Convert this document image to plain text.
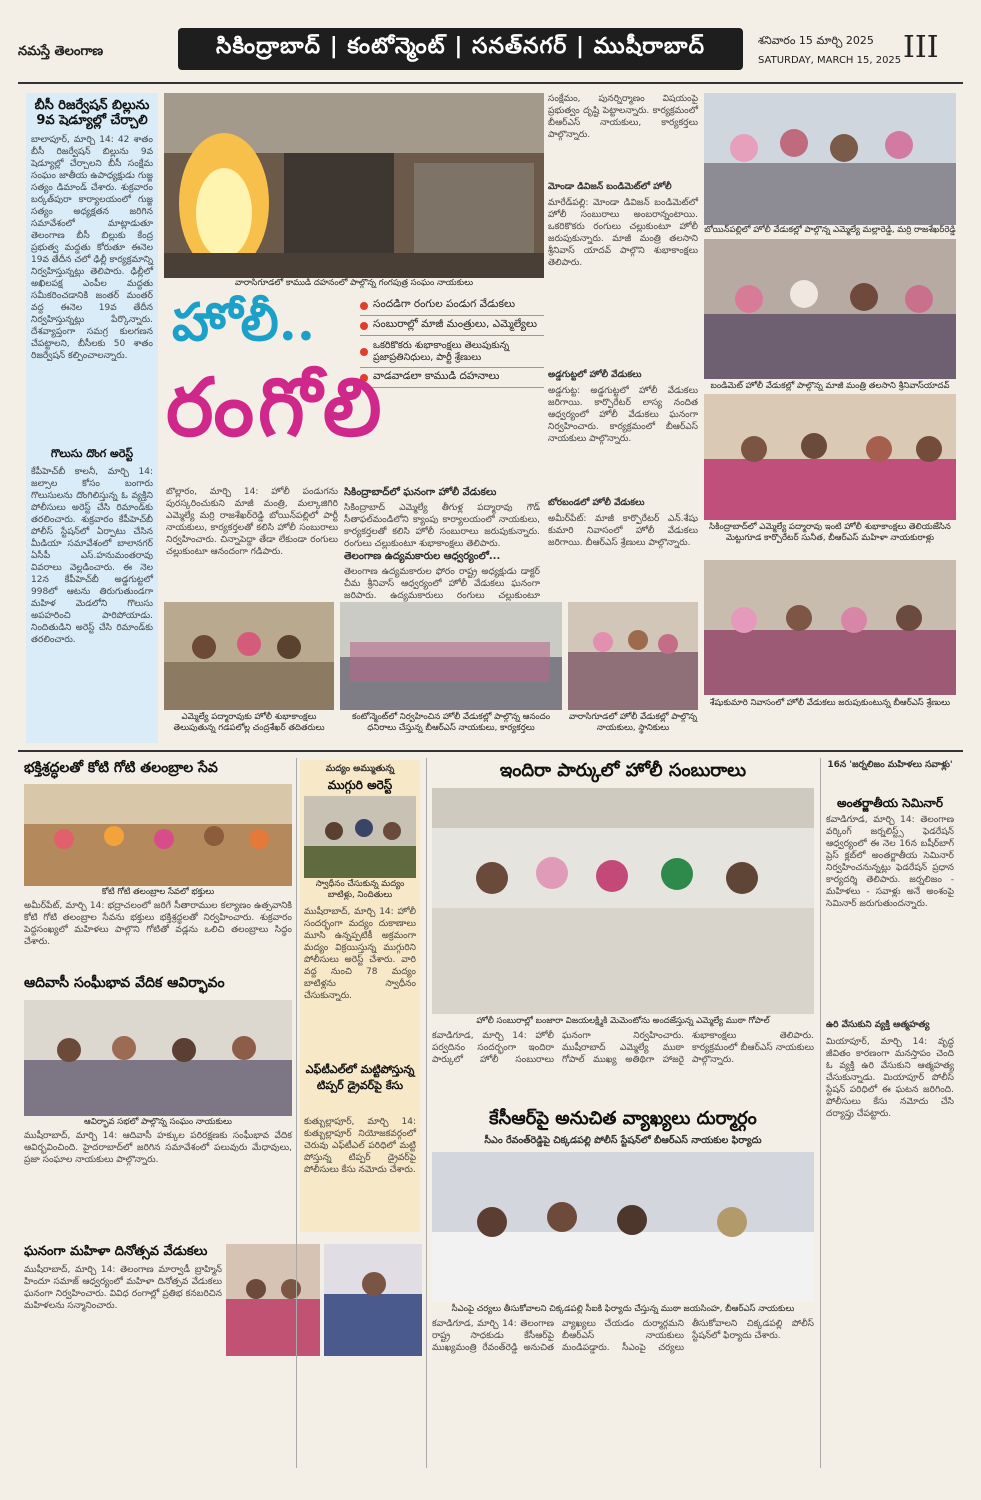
నమస్తే తెలంగాణ	సికింద్రాబాద్ | కంటోన్మెంట్ | సనత్‌నగర్ | ముషీరాబాద్	శనివారం 15 మార్చి 2025
SATURDAY, MARCH 15, 2025 III
బీసీ రిజర్వేషన్ బిల్లును 9వ షెడ్యూల్లో చేర్చాలి
బాలాపూర్, మార్చి 14: 42 శాతం బీసీ రిజర్వేషన్ బిల్లును 9వ షెడ్యూల్లో చేర్చాలని బీసీ సంక్షేమ సంఘం జాతీయ ఉపాధ్యక్షుడు గుజ్జ సత్యం డిమాండ్ చేశారు. శుక్రవారం బర్కత్‌పురా కార్యాలయంలో గుజ్జ సత్యం అధ్యక్షతన జరిగిన సమావేశంలో మాట్లాడుతూ తెలంగాణ బీసీ బిల్లుకు కేంద్ర ప్రభుత్వ మద్దతు కోరుతూ ఈనెల 19వ తేదీన చలో ఢిల్లీ కార్యక్రమాన్ని నిర్వహిస్తున్నట్లు తెలిపారు. ఢిల్లీలో అఖిలపక్ష ఎంపీల మద్దతు సమీకరించడానికి జంతర్ మంతర్ వద్ద ఈనెల 19వ తేదీన నిర్వహిస్తున్నట్లు పేర్కొన్నారు. దేశవ్యాప్తంగా సమగ్ర కులగణన చేపట్టాలని, బీసీలకు 50 శాతం రిజర్వేషన్ కల్పించాలన్నారు.
గొలుసు దొంగ అరెస్ట్
కేపీహెచ్‌బీ కాలనీ, మార్చి 14: జల్సాల కోసం బంగారు గొలుసులను దొంగిలిస్తున్న ఓ వ్యక్తిని పోలీసులు అరెస్ట్ చేసి రిమాండ్‌కు తరలించారు. శుక్రవారం కేపీహెచ్‌బీ పోలీస్ స్టేషన్‌లో ఏర్పాటు చేసిన మీడియా సమావేశంలో బాలానగర్ ఏసీపీ ఎస్.హనుమంతరావు వివరాలు వెల్లడించారు. ఈ నెల 12న కేపీహెచ్‌బీ అడ్డగుట్టలో 998లో ఆటను తిరుగుతుండగా మహిళ మెడలోని గొలుసు అపహరించి పారిపోయాడు. నిందితుడిని అరెస్ట్ చేసి రిమాండ్‌కు తరలించారు.
వారాసిగూడలో కాముడి దహనంలో పాల్గొన్న గంగపుత్ర సంఘం నాయకులు
సందడిగా రంగుల పండుగ వేడుకలు
సంబురాల్లో మాజీ మంత్రులు, ఎమ్మెల్యేలు
ఒకరికొకరు శుభాకాంక్షలు తెలుపుకున్న ప్రజాప్రతినిధులు, పార్టీ శ్రేణులు
వాడవాడలా కాముడి దహనాలు
హోలీ..
రంగోలి
బొల్లారం, మార్చి 14: హోలీ పండుగను పురస్కరించుకుని మాజీ మంత్రి, మల్కాజిగిరి ఎమ్మెల్యే మర్రి రాజశేఖర్‌రెడ్డి బోయిన్‌పల్లిలో పార్టీ నాయకులు, కార్యకర్తలతో కలిసి హోలీ సంబురాలు నిర్వహించారు. చిన్నాపెద్దా తేడా లేకుండా రంగులు చల్లుకుంటూ ఆనందంగా గడిపారు.
సికింద్రాబాద్‌లో ఘనంగా హోలీ వేడుకలు
సికింద్రాబాద్ ఎమ్మెల్యే తీగుళ్ల పద్మారావు గౌడ్ సీతాఫల్‌మండిలోని క్యాంపు కార్యాలయంలో నాయకులు, కార్యకర్తలతో కలిసి హోలీ సంబురాలు జరుపుకున్నారు. రంగులు చల్లుకుంటూ శుభాకాంక్షలు తెలిపారు.
తెలంగాణ ఉద్యమకారుల ఆధ్వర్యంలో...
తెలంగాణ ఉద్యమకారుల ఫోరం రాష్ట్ర అధ్యక్షుడు డాక్టర్ చీమ శ్రీనివాస్ ఆధ్వర్యంలో హోలీ వేడుకలు ఘనంగా జరిపారు. ఉద్యమకారులు రంగులు చల్లుకుంటూ
ఎమ్మెల్యే పద్మారావుకు హోలీ శుభాకాంక్షలు తెలుపుతున్న గడపలోల్ల చంద్రశేఖర్ తదితరులు
కంటోన్మెంట్‌లో నిర్వహించిన హోలీ వేడుకల్లో పాల్గొన్న ఆనందం ధనిరాలు చేస్తున్న బీఆర్ఎస్ నాయకులు, కార్యకర్తలు
వారాసిగూడలో హోలీ వేడుకల్లో పాల్గొన్న నాయకులు, స్థానికులు
సంక్షేమం, పునర్నిర్మాణం విషయంపై ప్రభుత్వం దృష్టి పెట్టాలన్నారు. కార్యక్రమంలో బీఆర్ఎస్ నాయకులు, కార్యకర్తలు పాల్గొన్నారు.
మోండా డివిజన్ బండిమెట్‌లో హోలీ
మారేడ్‌పల్లి: మోండా డివిజన్ బండిమెట్‌లో హోలీ సంబురాలు అంబరాన్నంటాయి. ఒకరికొకరు రంగులు చల్లుకుంటూ హోలీ జరుపుకున్నారు. మాజీ మంత్రి తలసాని శ్రీనివాస్ యాదవ్ పాల్గొని శుభాకాంక్షలు తెలిపారు.
అడ్డగుట్టలో హోలీ వేడుకలు
అడ్డగుట్ట: అడ్డగుట్టలో హోలీ వేడుకలు జరిగాయి. కార్పొరేటర్ లాస్య నందిత ఆధ్వర్యంలో హోలీ వేడుకలు ఘనంగా నిర్వహించారు. కార్యక్రమంలో బీఆర్ఎస్ నాయకులు పాల్గొన్నారు.
బోరబండలో హోలీ వేడుకలు
అమీర్‌పేట్: మాజీ కార్పొరేటర్ ఎన్.శేషు కుమారి నివాసంలో హోలీ వేడుకలు జరిగాయి. బీఆర్ఎస్ శ్రేణులు పాల్గొన్నారు.
బోయిన్‌పల్లిలో హోలీ వేడుకల్లో పాల్గొన్న ఎమ్మెల్యే మల్లారెడ్డి, మర్రి రాజశేఖర్‌రెడ్డి
బండిమెట్ హోలీ వేడుకల్లో పాల్గొన్న మాజీ మంత్రి తలసాని శ్రీనివాస్‌యాదవ్
సికింద్రాబాద్‌లో ఎమ్మెల్యే పద్మారావు ఇంటి హోలీ శుభాకాంక్షలు తెలియజేసిన మెట్టుగూడ కార్పొరేటర్ సునీత, బీఆర్ఎస్ మహిళా నాయకురాళ్లు
శేషుకుమారి నివాసంలో హోలీ వేడుకలు జరుపుకుంటున్న బీఆర్ఎస్ శ్రేణులు
భక్తిశ్రద్ధలతో కోటి గోటి తలంబ్రాల సేవ
కోటి గోటి తలంబ్రాల సేవలో భక్తులు
అమీర్‌పేట్, మార్చి 14: భద్రాచలంలో జరిగే సీతారాముల కల్యాణం ఉత్సవానికి కోటి గోటి తలంబ్రాల సేవను భక్తులు భక్తిశ్రద్ధలతో నిర్వహించారు. శుక్రవారం పెద్దసంఖ్యలో మహిళలు పాల్గొని గోటితో వడ్లను ఒలిచి తలంబ్రాలు సిద్ధం చేశారు.
ఆదివాసీ సంఘీభావ వేదిక ఆవిర్భావం
ఆవిర్భావ సభలో పాల్గొన్న సంఘం నాయకులు
ముషీరాబాద్, మార్చి 14: ఆదివాసీ హక్కుల పరిరక్షణకు సంఘీభావ వేదిక ఆవిర్భవించింది. హైదరాబాద్‌లో జరిగిన సమావేశంలో పలువురు మేధావులు, ప్రజా సంఘాల నాయకులు పాల్గొన్నారు.
ఘనంగా మహిళా దినోత్సవ వేడుకలు
ముషీరాబాద్, మార్చి 14: తెలంగాణ మార్వాడీ బ్రాహ్మిన్ హిందూ సమాజ్ ఆధ్వర్యంలో మహిళా దినోత్సవ వేడుకలు ఘనంగా నిర్వహించారు. వివిధ రంగాల్లో ప్రతిభ కనబరిచిన మహిళలను సన్మానించారు.
మద్యం అమ్ముతున్న
ముగ్గురి అరెస్ట్
స్వాధీనం చేసుకున్న మద్యం బాటిళ్లు, నిందితులు
ముషీరాబాద్, మార్చి 14: హోలీ సందర్భంగా మద్యం దుకాణాలు మూసి ఉన్నప్పటికీ అక్రమంగా మద్యం విక్రయిస్తున్న ముగ్గురిని పోలీసులు అరెస్ట్ చేశారు. వారి వద్ద నుంచి 78 మద్యం బాటిళ్లను స్వాధీనం చేసుకున్నారు.
ఎఫ్‌టీఎల్‌లో మట్టిపోస్తున్న టిప్పర్ డ్రైవర్‌పై కేసు
కుత్బుల్లాపూర్, మార్చి 14: కుత్బుల్లాపూర్ నియోజకవర్గంలో చెరువు ఎఫ్‌టీఎల్ పరిధిలో మట్టి పోస్తున్న టిప్పర్ డ్రైవర్‌పై పోలీసులు కేసు నమోదు చేశారు.
ఇందిరా పార్కులో హోలీ సంబురాలు
హోలీ సంబురాల్లో బంజారా విజయలక్ష్మికి మెమెంటోను అందజేస్తున్న ఎమ్మెల్యే ముఠా గోపాల్
కవాడిగూడ, మార్చి 14: హోలీ పర్వదినం సందర్భంగా ఇందిరా పార్కులో హోలీ సంబురాలు ఘనంగా నిర్వహించారు. ముషీరాబాద్ ఎమ్మెల్యే ముఠా గోపాల్ ముఖ్య అతిథిగా హాజరై శుభాకాంక్షలు తెలిపారు. కార్యక్రమంలో బీఆర్ఎస్ నాయకులు పాల్గొన్నారు.
కేసీఆర్‌పై అనుచిత వ్యాఖ్యలు దుర్మార్గం
సీఎం రేవంత్‌రెడ్డిపై చిక్కడపల్లి పోలీస్ స్టేషన్‌లో బీఆర్ఎస్ నాయకుల ఫిర్యాదు
సీఎంపై చర్యలు తీసుకోవాలని చిక్కడపల్లి సీఐకి ఫిర్యాదు చేస్తున్న ముఠా జయసింహ, బీఆర్ఎస్ నాయకులు
కవాడిగూడ, మార్చి 14: తెలంగాణ రాష్ట్ర సాధకుడు కేసీఆర్‌పై ముఖ్యమంత్రి రేవంత్‌రెడ్డి అనుచిత వ్యాఖ్యలు చేయడం దుర్మార్గమని బీఆర్ఎస్ నాయకులు మండిపడ్డారు. సీఎంపై చర్యలు తీసుకోవాలని చిక్కడపల్లి పోలీస్ స్టేషన్‌లో ఫిర్యాదు చేశారు.
16న 'జర్నలిజం మహిళలు సవాళ్లు'
అంతర్జాతీయ సెమినార్
కవాడిగూడ, మార్చి 14: తెలంగాణ వర్కింగ్ జర్నలిస్ట్స్ ఫెడరేషన్ ఆధ్వర్యంలో ఈ నెల 16న బషీర్‌బాగ్ ప్రెస్ క్లబ్‌లో అంతర్జాతీయ సెమినార్ నిర్వహించనున్నట్లు ఫెడరేషన్ ప్రధాన కార్యదర్శి తెలిపారు. జర్నలిజం - మహిళలు - సవాళ్లు అనే అంశంపై సెమినార్ జరుగుతుందన్నారు.
ఉరి వేసుకుని వ్యక్తి ఆత్మహత్య
మియాపూర్, మార్చి 14: వృద్ధ జీవితం కారణంగా మనస్తాపం చెంది ఓ వ్యక్తి ఉరి వేసుకుని ఆత్మహత్య చేసుకున్నాడు. మియాపూర్ పోలీస్ స్టేషన్ పరిధిలో ఈ ఘటన జరిగింది. పోలీసులు కేసు నమోదు చేసి దర్యాప్తు చేపట్టారు.
